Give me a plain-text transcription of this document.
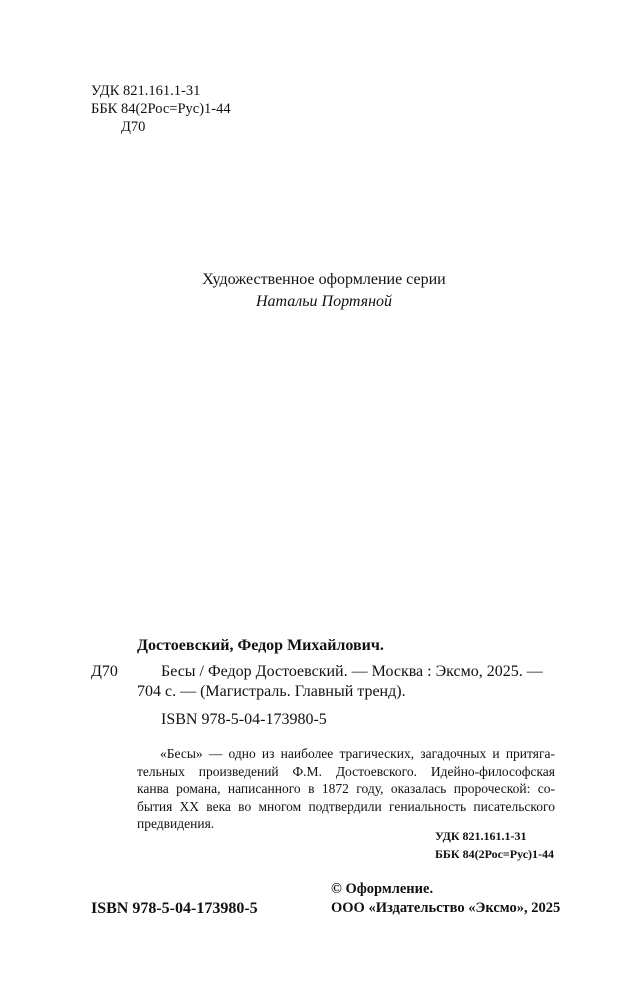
УДК 821.161.1-31
ББК 84(2Рос=Рус)1-44
Д70
Художественное оформление серии
Натальи Портяной
Достоевский, Федор Михайлович.
Д70	Бесы / Федор Достоевский. — Москва : Эксмо, 2025. —
704 с. — (Магистраль. Главный тренд).
ISBN 978-5-04-173980-5
«Бесы» — одно из наиболее трагических, загадочных и притяга-
тельных произведений Ф.М. Достоевского. Идейно-философская
канва романа, написанного в 1872 году, оказалась пророческой: со-
бытия XX века во многом подтвердили гениальность писательского
предвидения.
УДК 821.161.1-31
ББК 84(2Рос=Рус)1-44
© Оформление.
ISBN 978-5-04-173980-5	ООО «Издательство «Эксмо», 2025
